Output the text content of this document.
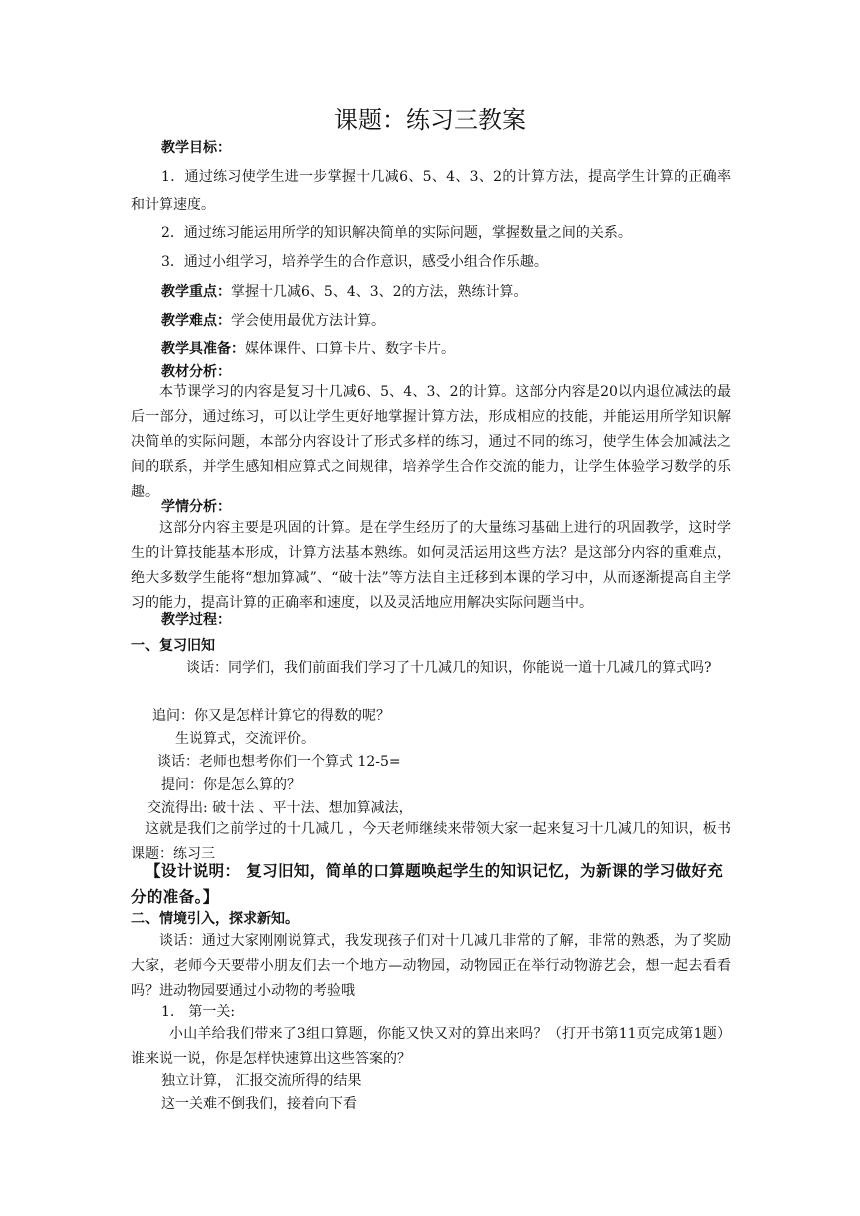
课题：练习三教案
教学目标：
1．通过练习使学生进一步掌握十几减6、5、4、3、2的计算方法，提高学生计算的正确率和计算速度。
2．通过练习能运用所学的知识解决简单的实际问题，掌握数量之间的关系。
3．通过小组学习，培养学生的合作意识，感受小组合作乐趣。
教学重点：掌握十几减6、5、4、3、2的方法，熟练计算。
教学难点：学会使用最优方法计算。
教学具准备：媒体课件、口算卡片、数字卡片。
教材分析：
本节课学习的内容是复习十几减6、5、4、3、2的计算。这部分内容是20以内退位减法的最后一部分，通过练习，可以让学生更好地掌握计算方法，形成相应的技能，并能运用所学知识解决简单的实际问题，本部分内容设计了形式多样的练习，通过不同的练习，使学生体会加减法之间的联系，并学生感知相应算式之间规律，培养学生合作交流的能力，让学生体验学习数学的乐趣。
学情分析：
这部分内容主要是巩固的计算。是在学生经历了的大量练习基础上进行的巩固教学，这时学生的计算技能基本形成，计算方法基本熟练。如何灵活运用这些方法？是这部分内容的重难点，绝大多数学生能将“想加算减”、“破十法”等方法自主迁移到本课的学习中，从而逐渐提高自主学习的能力，提高计算的正确率和速度，以及灵活地应用解决实际问题当中。
教学过程：
一、复习旧知
谈话：同学们，我们前面我们学习了十几减几的知识，你能说一道十几减几的算式吗?
追问：你又是怎样计算它的得数的呢？
生说算式，交流评价。
谈话：老师也想考你们一个算式 12-5=
提问：你是怎么算的？
交流得出: 破十法 、平十法、想加算减法，
这就是我们之前学过的十几减几 ，今天老师继续来带领大家一起来复习十几减几的知识，板书课题：练习三
【设计说明： 复习旧知，简单的口算题唤起学生的知识记忆，为新课的学习做好充分的准备。】
二、情境引入，探求新知。
谈话：通过大家刚刚说算式，我发现孩子们对十几减几非常的了解，非常的熟悉，为了奖励大家，老师今天要带小朋友们去一个地方—动物园，动物园正在举行动物游艺会，想一起去看看吗？进动物园要通过小动物的考验哦
1. 第一关:
小山羊给我们带来了3组口算题，你能又快又对的算出来吗？（打开书第11页完成第1题）谁来说一说，你是怎样快速算出这些答案的？
独立计算， 汇报交流所得的结果
这一关难不倒我们，接着向下看
